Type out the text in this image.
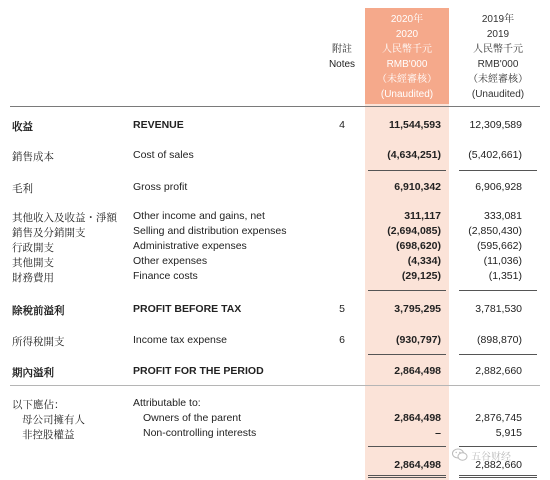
附註
Notes
2020年
2020
人民幣千元
RMB'000
（未經審核）
(Unaudited)
2019年
2019
人民幣千元
RMB'000
（未經審核）
(Unaudited)
收益	REVENUE	4	11,544,593	12,309,589
銷售成本	Cost of sales	(4,634,251)	(5,402,661)
毛利	Gross profit	6,910,342	6,906,928
其他收入及收益・淨額 Other income and gains, net	311,117	333,081
銷售及分銷開支	Selling and distribution expenses	(2,694,085)	(2,850,430)
行政開支	Administrative expenses	(698,620)	(595,662)
其他開支	Other expenses	(4,334)	(11,036)
財務費用	Finance costs	(29,125)	(1,351)
除稅前溢利	PROFIT BEFORE TAX	5	3,795,295	3,781,530
所得稅開支	Income tax expense	6	(930,797)	(898,870)
期內溢利	PROFIT FOR THE PERIOD	2,864,498	2,882,660
以下應佔：	Attributable to:
母公司擁有人	Owners of the parent	2,864,498	2,876,745
非控股權益	Non-controlling interests	–	5,915
2,864,498	2,882,660
五谷财经
